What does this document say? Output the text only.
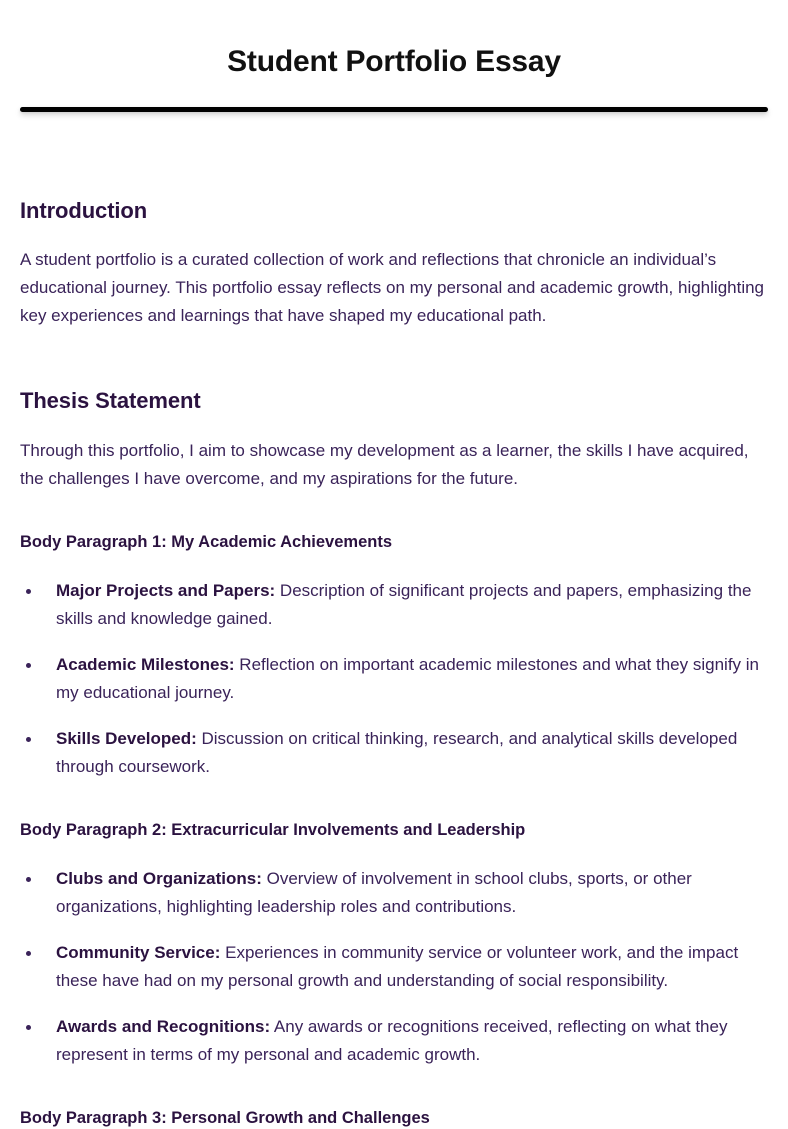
Student Portfolio Essay
Introduction

A student portfolio is a curated collection of work and reflections that chronicle an individual’s educational journey. This portfolio essay reflects on my personal and academic growth, highlighting key experiences and learnings that have shaped my educational path.

Thesis Statement

Through this portfolio, I aim to showcase my development as a learner, the skills I have acquired, the challenges I have overcome, and my aspirations for the future.

Body Paragraph 1: My Academic Achievements
Major Projects and Papers: Description of significant projects and papers, emphasizing the skills and knowledge gained.
Academic Milestones: Reflection on important academic milestones and what they signify in my educational journey.
Skills Developed: Discussion on critical thinking, research, and analytical skills developed through coursework.
Body Paragraph 2: Extracurricular Involvements and Leadership
Clubs and Organizations: Overview of involvement in school clubs, sports, or other organizations, highlighting leadership roles and contributions.
Community Service: Experiences in community service or volunteer work, and the impact these have had on my personal growth and understanding of social responsibility.
Awards and Recognitions: Any awards or recognitions received, reflecting on what they represent in terms of my personal and academic growth.
Body Paragraph 3: Personal Growth and Challenges
